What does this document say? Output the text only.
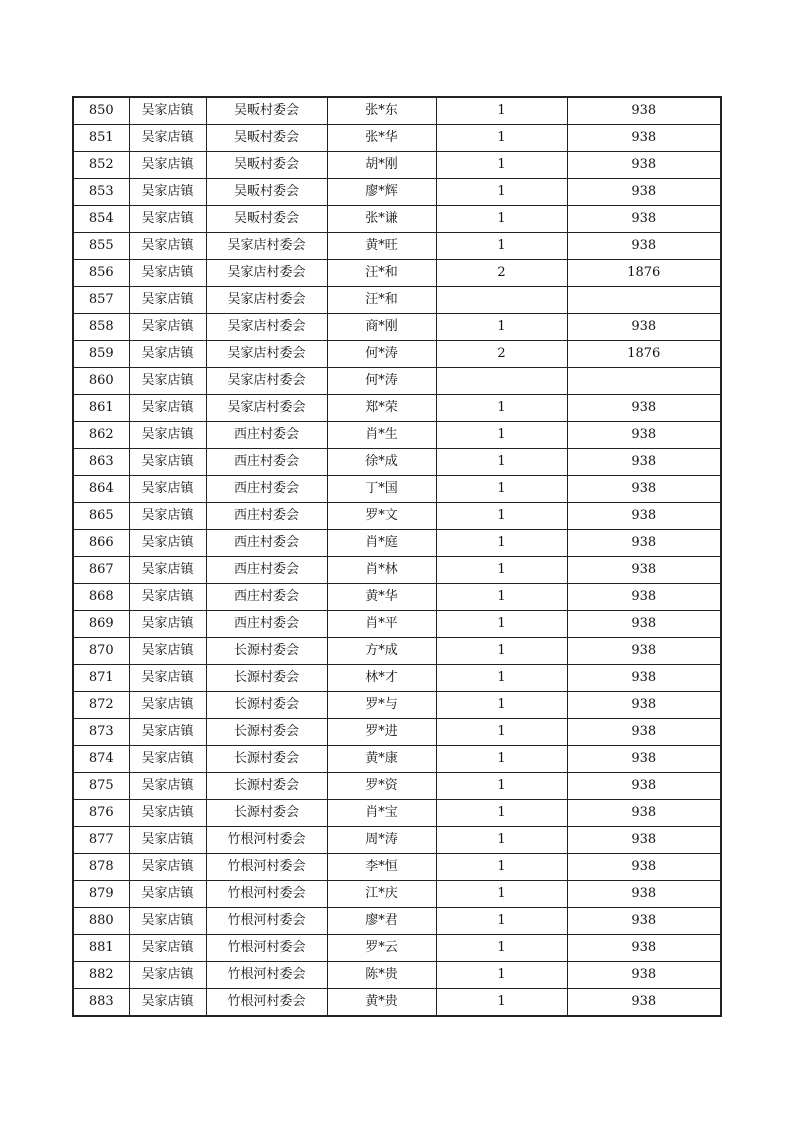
850	吴家店镇	吴畈村委会	张*东	1	938
851	吴家店镇	吴畈村委会	张*华	1	938
852	吴家店镇	吴畈村委会	胡*刚	1	938
853	吴家店镇	吴畈村委会	廖*辉	1	938
854	吴家店镇	吴畈村委会	张*谦	1	938
855	吴家店镇	吴家店村委会	黄*旺	1	938
856	吴家店镇	吴家店村委会	汪*和	2	1876
857	吴家店镇	吴家店村委会	汪*和		
858	吴家店镇	吴家店村委会	商*刚	1	938
859	吴家店镇	吴家店村委会	何*涛	2	1876
860	吴家店镇	吴家店村委会	何*涛		
861	吴家店镇	吴家店村委会	郑*荣	1	938
862	吴家店镇	西庄村委会	肖*生	1	938
863	吴家店镇	西庄村委会	徐*成	1	938
864	吴家店镇	西庄村委会	丁*国	1	938
865	吴家店镇	西庄村委会	罗*文	1	938
866	吴家店镇	西庄村委会	肖*庭	1	938
867	吴家店镇	西庄村委会	肖*林	1	938
868	吴家店镇	西庄村委会	黄*华	1	938
869	吴家店镇	西庄村委会	肖*平	1	938
870	吴家店镇	长源村委会	方*成	1	938
871	吴家店镇	长源村委会	林*才	1	938
872	吴家店镇	长源村委会	罗*与	1	938
873	吴家店镇	长源村委会	罗*进	1	938
874	吴家店镇	长源村委会	黄*康	1	938
875	吴家店镇	长源村委会	罗*资	1	938
876	吴家店镇	长源村委会	肖*宝	1	938
877	吴家店镇	竹根河村委会	周*涛	1	938
878	吴家店镇	竹根河村委会	李*恒	1	938
879	吴家店镇	竹根河村委会	江*庆	1	938
880	吴家店镇	竹根河村委会	廖*君	1	938
881	吴家店镇	竹根河村委会	罗*云	1	938
882	吴家店镇	竹根河村委会	陈*贵	1	938
883	吴家店镇	竹根河村委会	黄*贵	1	938
